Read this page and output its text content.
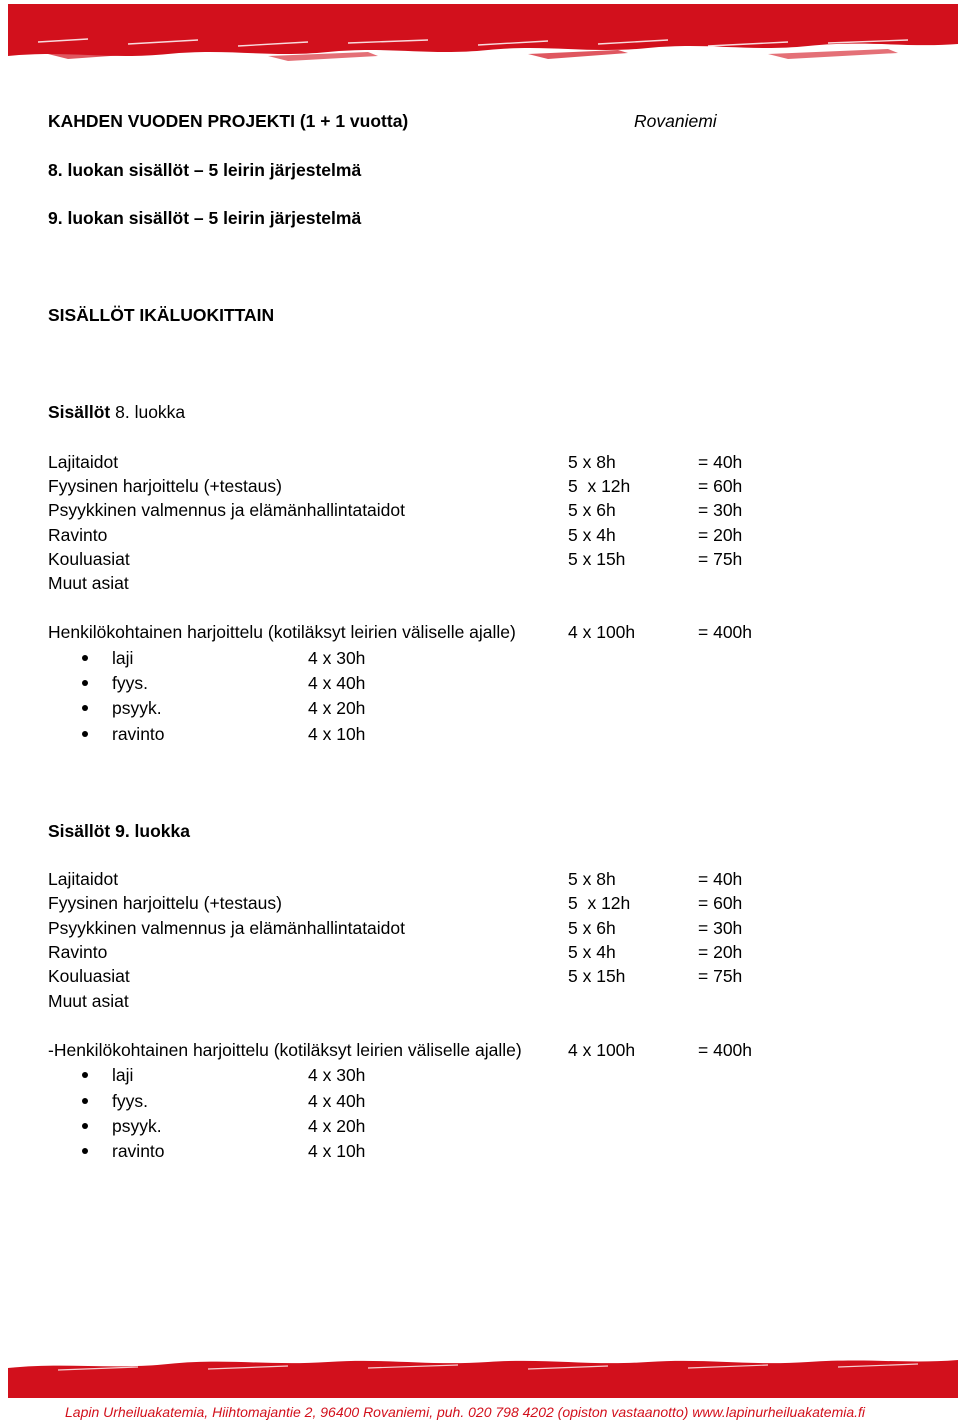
KAHDEN VUODEN PROJEKTI (1 + 1 vuotta)	Rovaniemi
8. luokan sisällöt – 5 leirin järjestelmä
9. luokan sisällöt – 5 leirin järjestelmä
SISÄLLÖT IKÄLUOKITTAIN
Sisällöt 8. luokka
Lajitaidot	5 x 8h	= 40h
Fyysinen harjoittelu (+testaus)	5  x 12h	= 60h
Psyykkinen valmennus ja elämänhallintataidot	5 x 6h	= 30h
Ravinto	5 x 4h	= 20h
Kouluasiat	5 x 15h	= 75h
Muut asiat
Henkilökohtainen harjoittelu (kotiläksyt leirien väliselle ajalle)	4 x 100h	= 400h
laji	4 x 30h
fyys.	4 x 40h
psyyk.	4 x 20h
ravinto	4 x 10h
Sisällöt 9. luokka
Lajitaidot	5 x 8h	= 40h
Fyysinen harjoittelu (+testaus)	5  x 12h	= 60h
Psyykkinen valmennus ja elämänhallintataidot	5 x 6h	= 30h
Ravinto	5 x 4h	= 20h
Kouluasiat	5 x 15h	= 75h
Muut asiat
-Henkilökohtainen harjoittelu (kotiläksyt leirien väliselle ajalle)	4 x 100h	= 400h
laji	4 x 30h
fyys.	4 x 40h
psyyk.	4 x 20h
ravinto	4 x 10h
Lapin Urheiluakatemia, Hiihtomajantie 2, 96400 Rovaniemi, puh. 020 798 4202 (opiston vastaanotto) www.lapinurheiluakatemia.fi
